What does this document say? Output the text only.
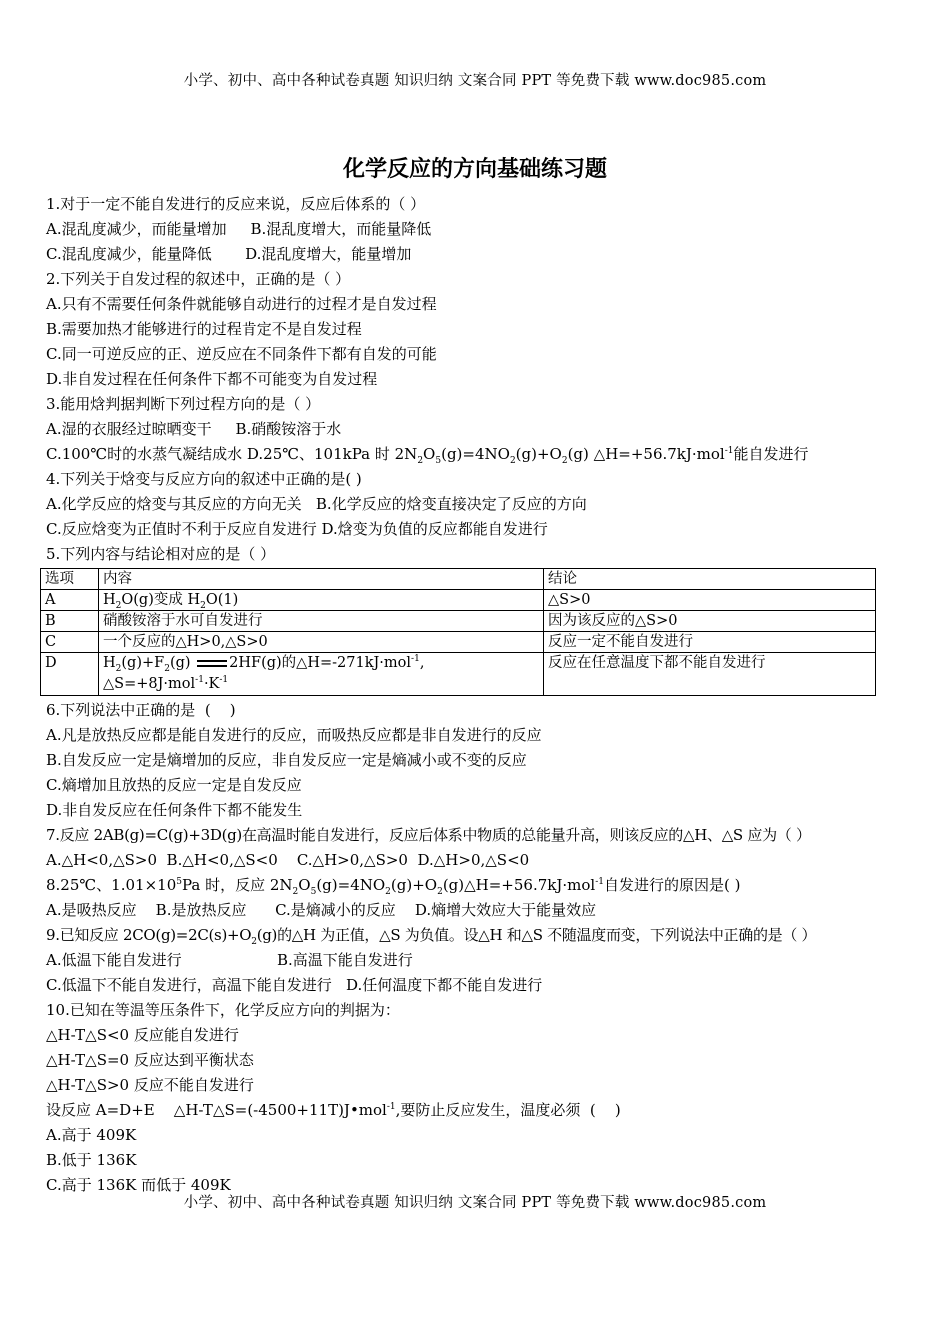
小学、初中、高中各种试卷真题 知识归纳 文案合同 PPT 等免费下载 www.doc985.com
化学反应的方向基础练习题
1.对于一定不能自发进行的反应来说，反应后体系的（ ）
A.混乱度减少，而能量增加     B.混乱度增大，而能量降低
C.混乱度减少，能量降低       D.混乱度增大，能量增加
2.下列关于自发过程的叙述中，正确的是（ ）
A.只有不需要任何条件就能够自动进行的过程才是自发过程
B.需要加热才能够进行的过程肯定不是自发过程
C.同一可逆反应的正、逆反应在不同条件下都有自发的可能
D.非自发过程在任何条件下都不可能变为自发过程
3.能用焓判据判断下列过程方向的是（ ）
A.湿的衣服经过晾晒变干     B.硝酸铵溶于水
C.100℃时的水蒸气凝结成水 D.25℃、101kPa 时 $2N_2O_5(g)=4NO_2(g)+O_2(g)$ △H=+56.7kJ·mol$^{-1}$能自发进行
4.下列关于焓变与反应方向的叙述中正确的是( )
A.化学反应的焓变与其反应的方向无关   B.化学反应的焓变直接决定了反应的方向
C.反应焓变为正值时不利于反应自发进行 D.焓变为负值的反应都能自发进行
5.下列内容与结论相对应的是（ ）
选项	内容	结论
A	$H_2O(g)$变成 $H_2O(1)$	△S>0
B	硝酸铵溶于水可自发进行	因为该反应的△S>0
C	一个反应的△H>0,△S>0	反应一定不能自发进行
D	$H_2(g)+F_2(g)$ 2HF(g)的△H=-271kJ·mol$^{-1}$,
$\triangle S=+8J\cdot mol^{-1}\cdot K^{-1}$	反应在任意温度下都不能自发进行
6.下列说法中正确的是  (    )
A.凡是放热反应都是能自发进行的反应，而吸热反应都是非自发进行的反应
B.自发反应一定是熵增加的反应，非自发反应一定是熵减小或不变的反应
C.熵增加且放热的反应一定是自发反应
D.非自发反应在任何条件下都不能发生
7.反应 2AB(g)=C(g)+3D(g)在高温时能自发进行，反应后体系中物质的总能量升高，则该反应的△H、△S 应为（ ）
A.△H<0,△S>0  B.△H<0,△S<0    C.△H>0,△S>0  D.△H>0,△S<0
8.25℃、$1.01\times 10^5Pa$ 时，反应 $2N_2O_5(g)=4NO_2(g)+O_2(g)\triangle H=+56.7kJ\cdot mol^{-1}$自发进行的原因是( )
A.是吸热反应    B.是放热反应      C.是熵减小的反应    D.熵增大效应大于能量效应
9.已知反应 $2CO(g)=2C(s)+O_2(g)$的△H 为正值，△S 为负值。设△H 和△S 不随温度而变，下列说法中正确的是（ ）
A.低温下能自发进行                    B.高温下能自发进行
C.低温下不能自发进行，高温下能自发进行   D.任何温度下都不能自发进行
10.已知在等温等压条件下，化学反应方向的判据为：
△H-T△S<0 反应能自发进行
△H-T△S=0 反应达到平衡状态
△H-T△S>0 反应不能自发进行
设反应 A=D+E    △H-T△S=(-4500+11T)J•mol$^{-1}$,要防止反应发生，温度必须  (    )
A.高于 409K
B.低于 136K
C.高于 136K 而低于 409K
小学、初中、高中各种试卷真题 知识归纳 文案合同 PPT 等免费下载 www.doc985.com
